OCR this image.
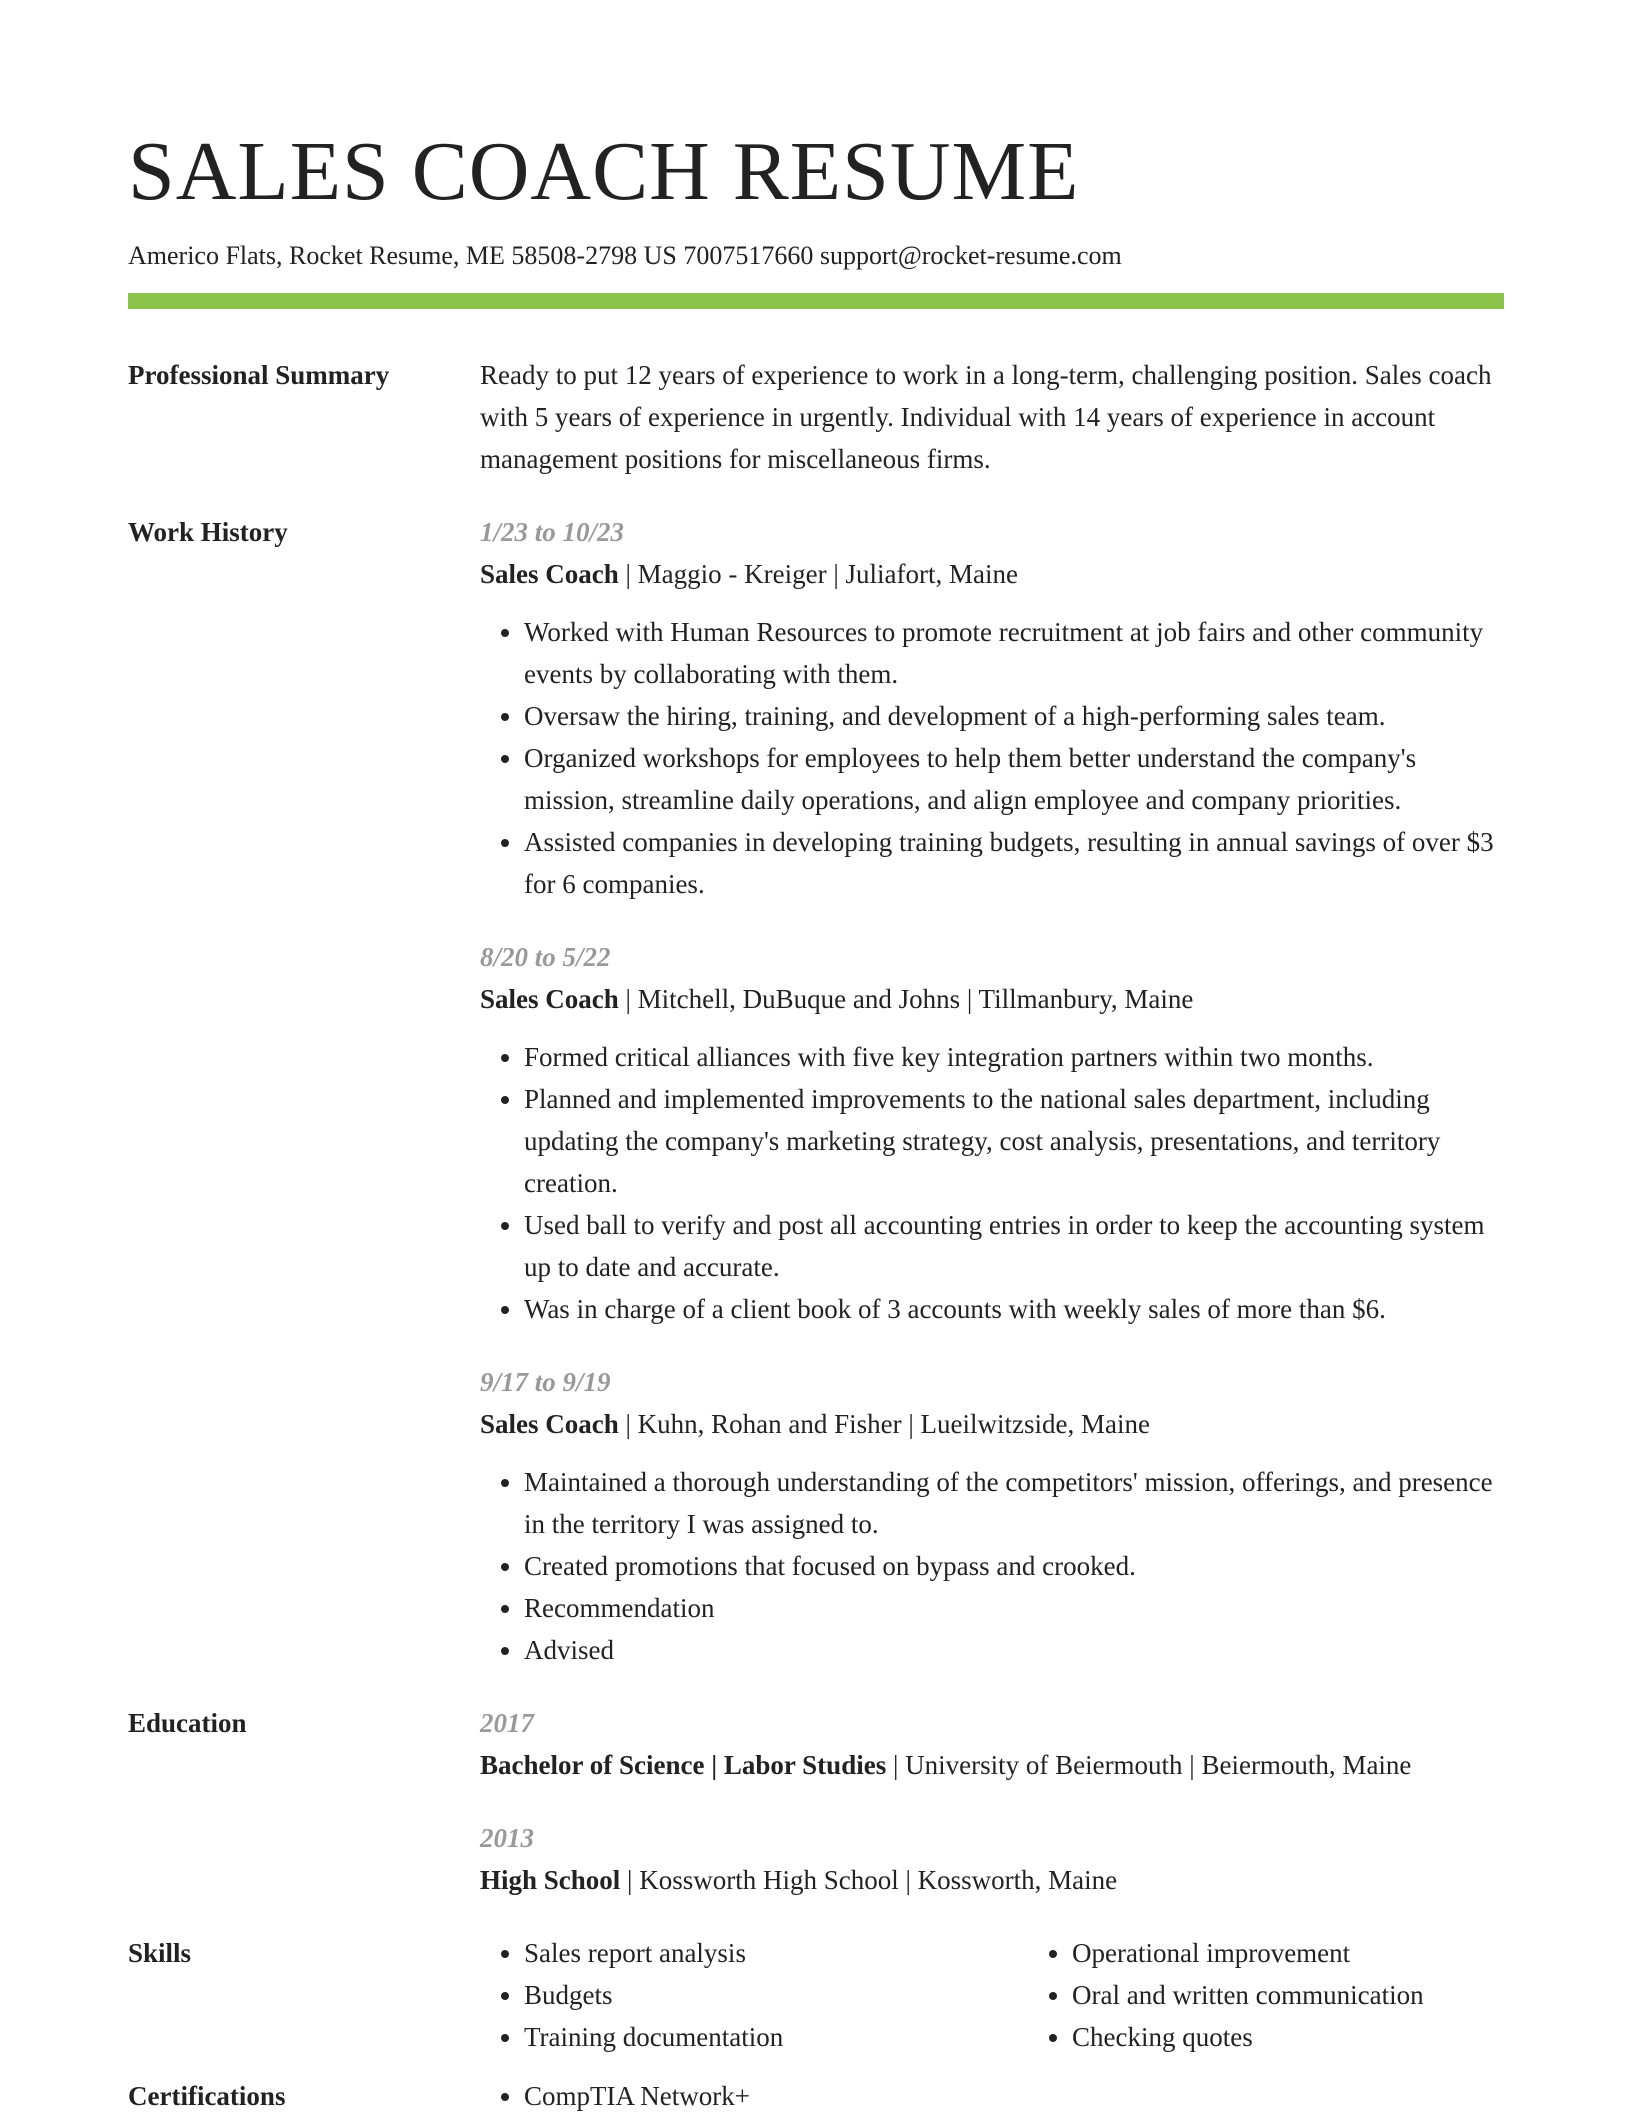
SALES COACH RESUME
Americo Flats, Rocket Resume, ME 58508-2798 US 7007517660 support@rocket-resume.com
Professional Summary	Ready to put 12 years of experience to work in a long-term, challenging position. Sales coach with 5 years of experience in urgently. Individual with 14 years of experience in account management positions for miscellaneous firms.
Work History	1/23 to 10/23
Sales Coach | Maggio - Kreiger | Juliafort, Maine
• Worked with Human Resources to promote recruitment at job fairs and other community events by collaborating with them.
• Oversaw the hiring, training, and development of a high-performing sales team.
• Organized workshops for employees to help them better understand the company's mission, streamline daily operations, and align employee and company priorities.
• Assisted companies in developing training budgets, resulting in annual savings of over $3 for 6 companies.
8/20 to 5/22
Sales Coach | Mitchell, DuBuque and Johns | Tillmanbury, Maine
• Formed critical alliances with five key integration partners within two months.
• Planned and implemented improvements to the national sales department, including updating the company's marketing strategy, cost analysis, presentations, and territory creation.
• Used ball to verify and post all accounting entries in order to keep the accounting system up to date and accurate.
• Was in charge of a client book of 3 accounts with weekly sales of more than $6.
9/17 to 9/19
Sales Coach | Kuhn, Rohan and Fisher | Lueilwitzside, Maine
• Maintained a thorough understanding of the competitors' mission, offerings, and presence in the territory I was assigned to.
• Created promotions that focused on bypass and crooked.
• Recommendation
• Advised
Education	2017
Bachelor of Science | Labor Studies | University of Beiermouth | Beiermouth, Maine
2013
High School | Kossworth High School | Kossworth, Maine
Skills	• Sales report analysis
• Budgets
• Training documentation
• Operational improvement
• Oral and written communication
• Checking quotes
Certifications	• CompTIA Network+
